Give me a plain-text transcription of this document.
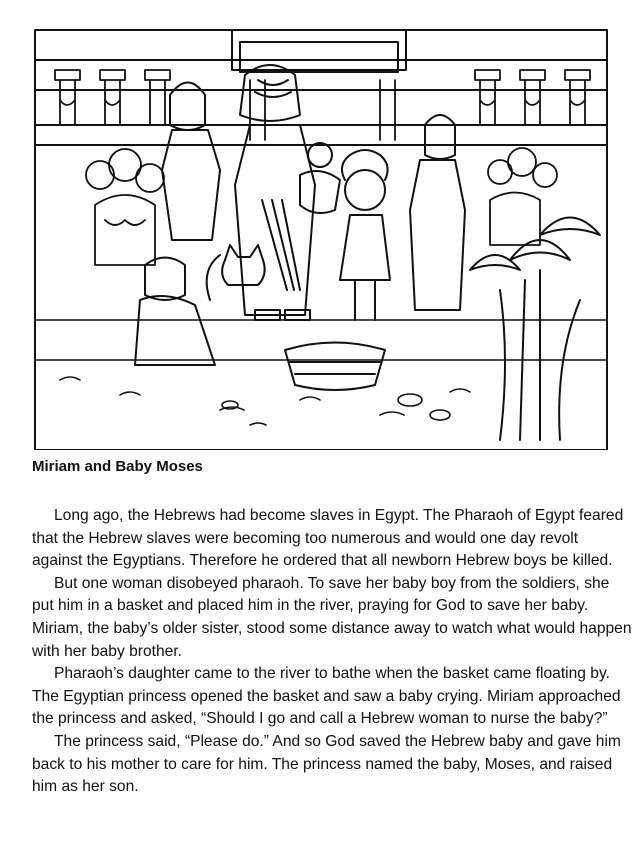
Miriam and Baby Moses

Long ago, the Hebrews had become slaves in Egypt. The Pharaoh of Egypt feared that the Hebrew slaves were becoming too numerous and would one day revolt against the Egyptians. Therefore he ordered that all newborn Hebrew boys be killed.

But one woman disobeyed pharaoh. To save her baby boy from the soldiers, she put him in a basket and placed him in the river, praying for God to save her baby. Miriam, the baby’s older sister, stood some distance away to watch what would happen with her baby brother.

Pharaoh’s daughter came to the river to bathe when the basket came floating by. The Egyptian princess opened the basket and saw a baby crying. Miriam approached the princess and asked, “Should I go and call a Hebrew woman to nurse the baby?”

The princess said, “Please do.” And so God saved the Hebrew baby and gave him back to his mother to care for him. The princess named the baby, Moses, and raised him as her son.
